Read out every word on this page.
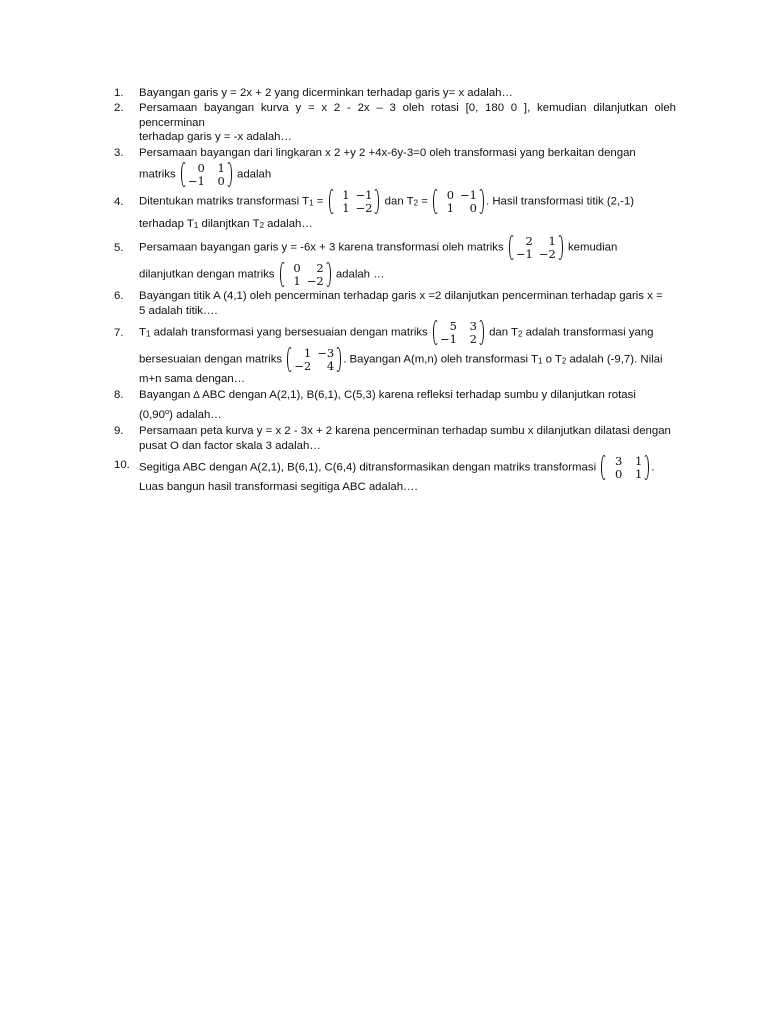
1.	Bayangan garis y = 2x + 2 yang dicerminkan terhadap garis y= x adalah…
2.	Persamaan bayangan kurva y = x 2 - 2x – 3 oleh rotasi [0, 180 0 ], kemudian dilanjutkan oleh pencerminan
terhadap garis y = -x adalah…
3.	Persamaan bayangan dari lingkaran x 2 +y 2 +4x-6y-3=0 oleh transformasi yang berkaitan dengan
matriks 0	1
−1	0 adalah
4.	Ditentukan matriks transformasi T1 = 1	−1
1	−2 dan T2 = 0	−1
1	0 . Hasil transformasi titik (2,-1)
terhadap T1 dilanjtkan T2 adalah…
5.	Persamaan bayangan garis y = -6x + 3 karena transformasi oleh matriks 2	1
−1	−2 kemudian
dilanjutkan dengan matriks 0	2
1	−2 adalah …
6.	Bayangan titik A (4,1) oleh pencerminan terhadap garis x =2 dilanjutkan pencerminan terhadap garis x =
5 adalah titik….
7.	T1 adalah transformasi yang bersesuaian dengan matriks 5	3
−1	2 dan T2 adalah transformasi yang
bersesuaian dengan matriks 1	−3
−2	4 . Bayangan A(m,n) oleh transformasi T1 o T2 adalah (-9,7). Nilai
m+n sama dengan…
8.	Bayangan ∆ ABC dengan A(2,1), B(6,1), C(5,3) karena refleksi terhadap sumbu y dilanjutkan rotasi
(0,90$^o$) adalah…
9.	Persamaan peta kurva y = x 2 - 3x + 2 karena pencerminan terhadap sumbu x dilanjutkan dilatasi dengan
pusat O dan factor skala 3 adalah…
10. Segitiga ABC dengan A(2,1), B(6,1), C(6,4) ditransformasikan dengan matriks transformasi 3	1
0	1 .
Luas bangun hasil transformasi segitiga ABC adalah….
